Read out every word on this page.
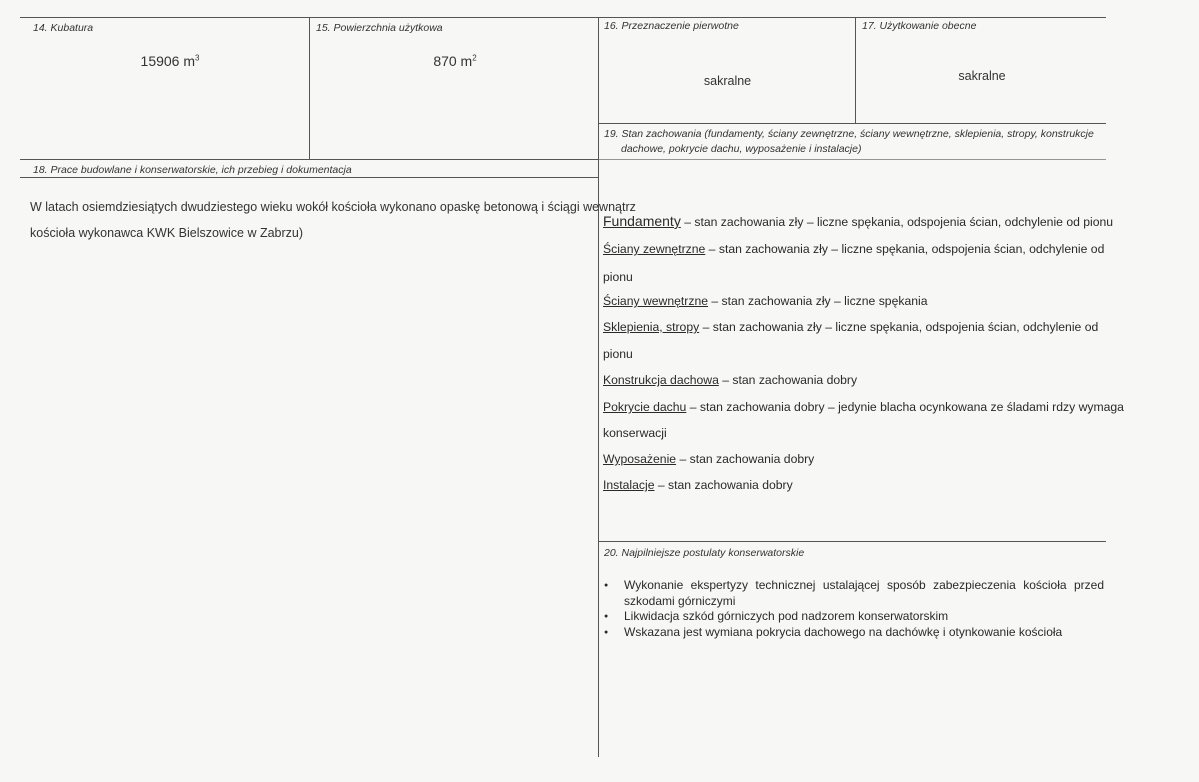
14. Kubatura
15906 $m^3$
15. Powierzchnia użytkowa
870 $m^2$
16. Przeznaczenie pierwotne
sakralne
17. Użytkowanie obecne
sakralne
18. Prace budowlane i konserwatorskie, ich przebieg i dokumentacja
W latach osiemdziesiątych dwudziestego wieku wokół kościoła wykonano opaskę betonową i ściągi wewnątrz
kościoła wykonawca KWK Bielszowice w Zabrzu)
19. Stan zachowania (fundamenty, ściany zewnętrzne, ściany wewnętrzne, sklepienia, stropy, konstrukcje
dachowe, pokrycie dachu, wyposażenie i instalacje)
Fundamenty – stan zachowania zły – liczne spękania, odspojenia ścian, odchylenie od pionu
Ściany zewnętrzne – stan zachowania zły – liczne spękania, odspojenia ścian, odchylenie od
pionu
Ściany wewnętrzne – stan zachowania zły – liczne spękania
Sklepienia, stropy – stan zachowania zły – liczne spękania, odspojenia ścian, odchylenie od
pionu
Konstrukcja dachowa – stan zachowania dobry
Pokrycie dachu – stan zachowania dobry – jedynie blacha ocynkowana ze śladami rdzy wymaga
konserwacji
Wyposażenie – stan zachowania dobry
Instalacje – stan zachowania dobry
20. Najpilniejsze postulaty konserwatorskie
● Wykonanie ekspertyzy technicznej ustalającej sposób zabezpieczenia kościoła przed szkodami górniczymi
● Likwidacja szkód górniczych pod nadzorem konserwatorskim
● Wskazana jest wymiana pokrycia dachowego na dachówkę i otynkowanie kościoła
